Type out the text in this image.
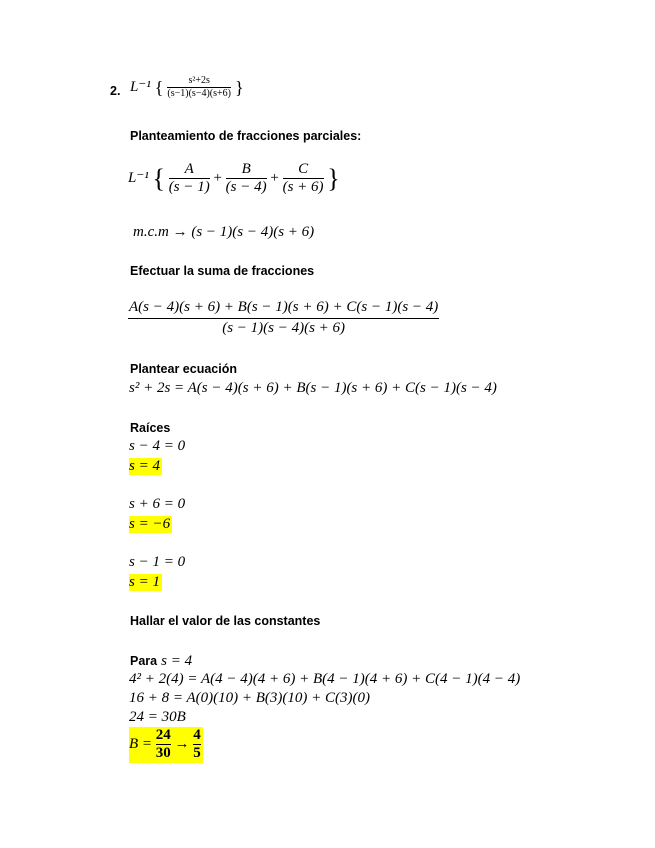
2. L⁻¹ { $\frac{\text{s²+2s}}{(s-1)(s-4)(s+6)}$ }
Planteamiento de fracciones parciales:
L⁻¹ { $\frac{A}{(s - 1)} + \frac{B}{(s - 4)} + \frac{C}{(s + 6)}$ }
m.c.m → (s − 1)(s − 4)(s + 6)
Efectuar la suma de fracciones
$\frac{A(s - 4)(s + 6) + B(s - 1)(s + 6) + C(s - 1)(s - 4)}{(s - 1)(s - 4)(s + 6)}$
Plantear ecuación
s² + 2s = A(s − 4)(s + 6) + B(s − 1)(s + 6) + C(s − 1)(s − 4)
Raíces
s − 4 = 0
s = 4
s + 6 = 0
s = −6
s − 1 = 0
s = 1
Hallar el valor de las constantes
Para s = 4
4² + 2(4) = A(4 − 4)(4 + 6) + B(4 − 1)(4 + 6) + C(4 − 1)(4 − 4)
16 + 8 = A(0)(10) + B(3)(10) + C(3)(0)
24 = 30B
$B = \frac{24}{30} \to \frac{4}{5}$
